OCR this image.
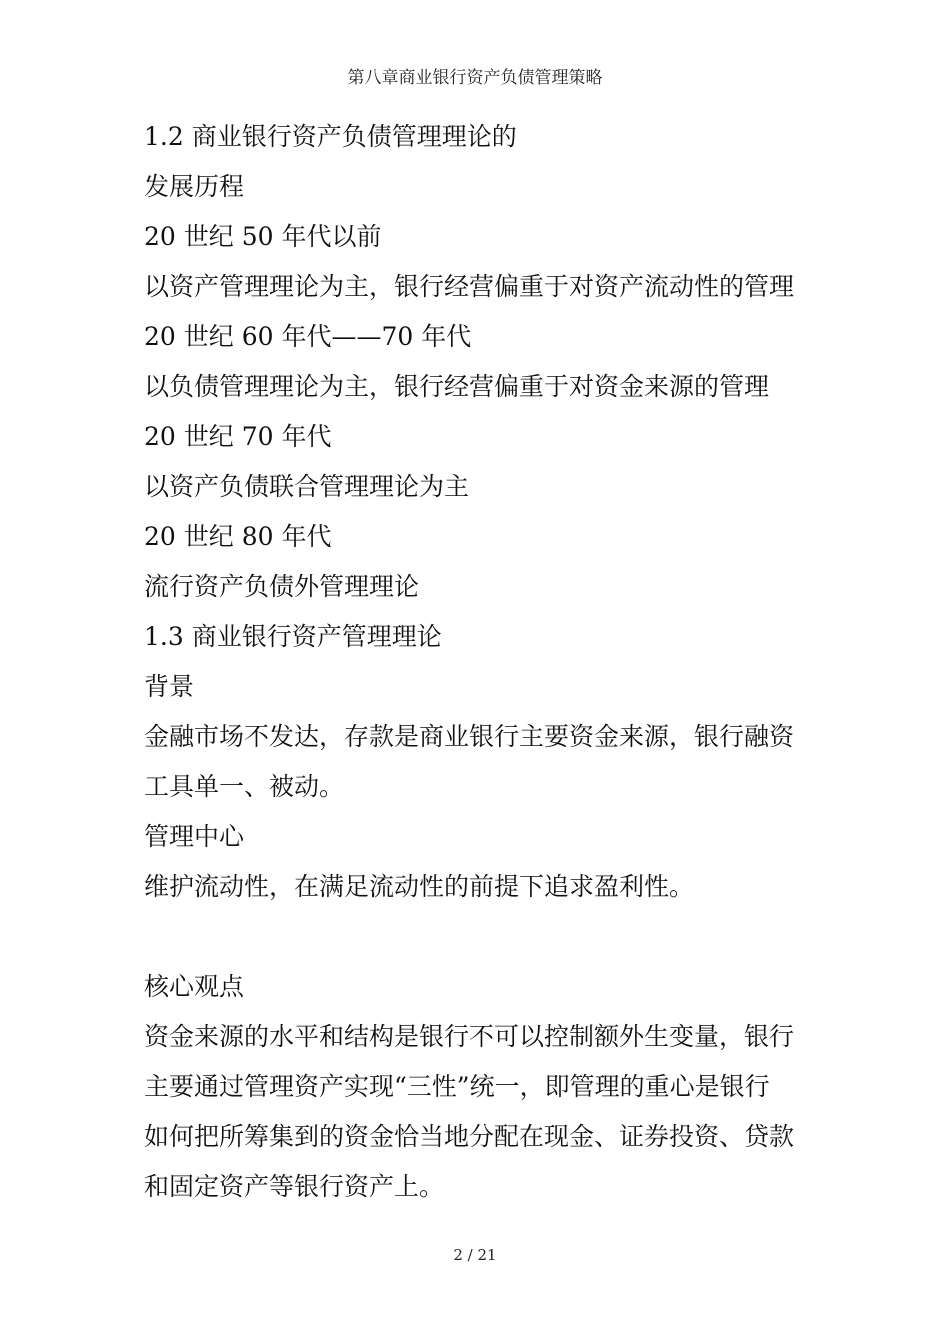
第八章商业银行资产负债管理策略
1.2 商业银行资产负债管理理论的
发展历程
20 世纪 50 年代以前
以资产管理理论为主，银行经营偏重于对资产流动性的管理
20 世纪 60 年代——70 年代
以负债管理理论为主，银行经营偏重于对资金来源的管理
20 世纪 70 年代
以资产负债联合管理理论为主
20 世纪 80 年代
流行资产负债外管理理论
1.3 商业银行资产管理理论
背景
金融市场不发达，存款是商业银行主要资金来源，银行融资
工具单一、被动。
管理中心
维护流动性，在满足流动性的前提下追求盈利性。
核心观点
资金来源的水平和结构是银行不可以控制额外生变量，银行
主要通过管理资产实现“三性”统一，即管理的重心是银行
如何把所筹集到的资金恰当地分配在现金、证券投资、贷款
和固定资产等银行资产上。
2 / 21
